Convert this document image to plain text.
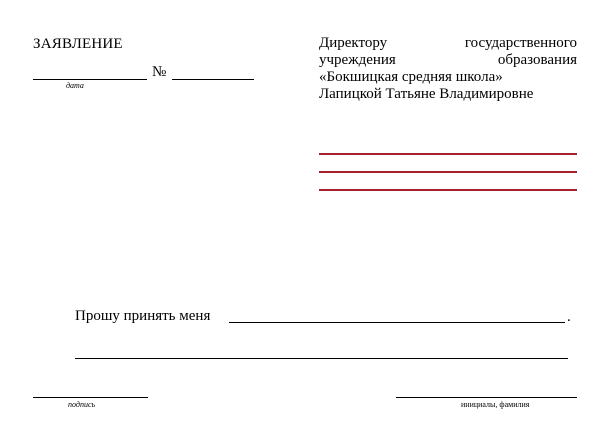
ЗАЯВЛЕНИЕ
дата
№
Директору	государственного
учреждения	образования
«Бокшицкая средняя школа»
Лапицкой Татьяне Владимировне
Прошу принять меня	.
подпись	инициалы, фамилия
